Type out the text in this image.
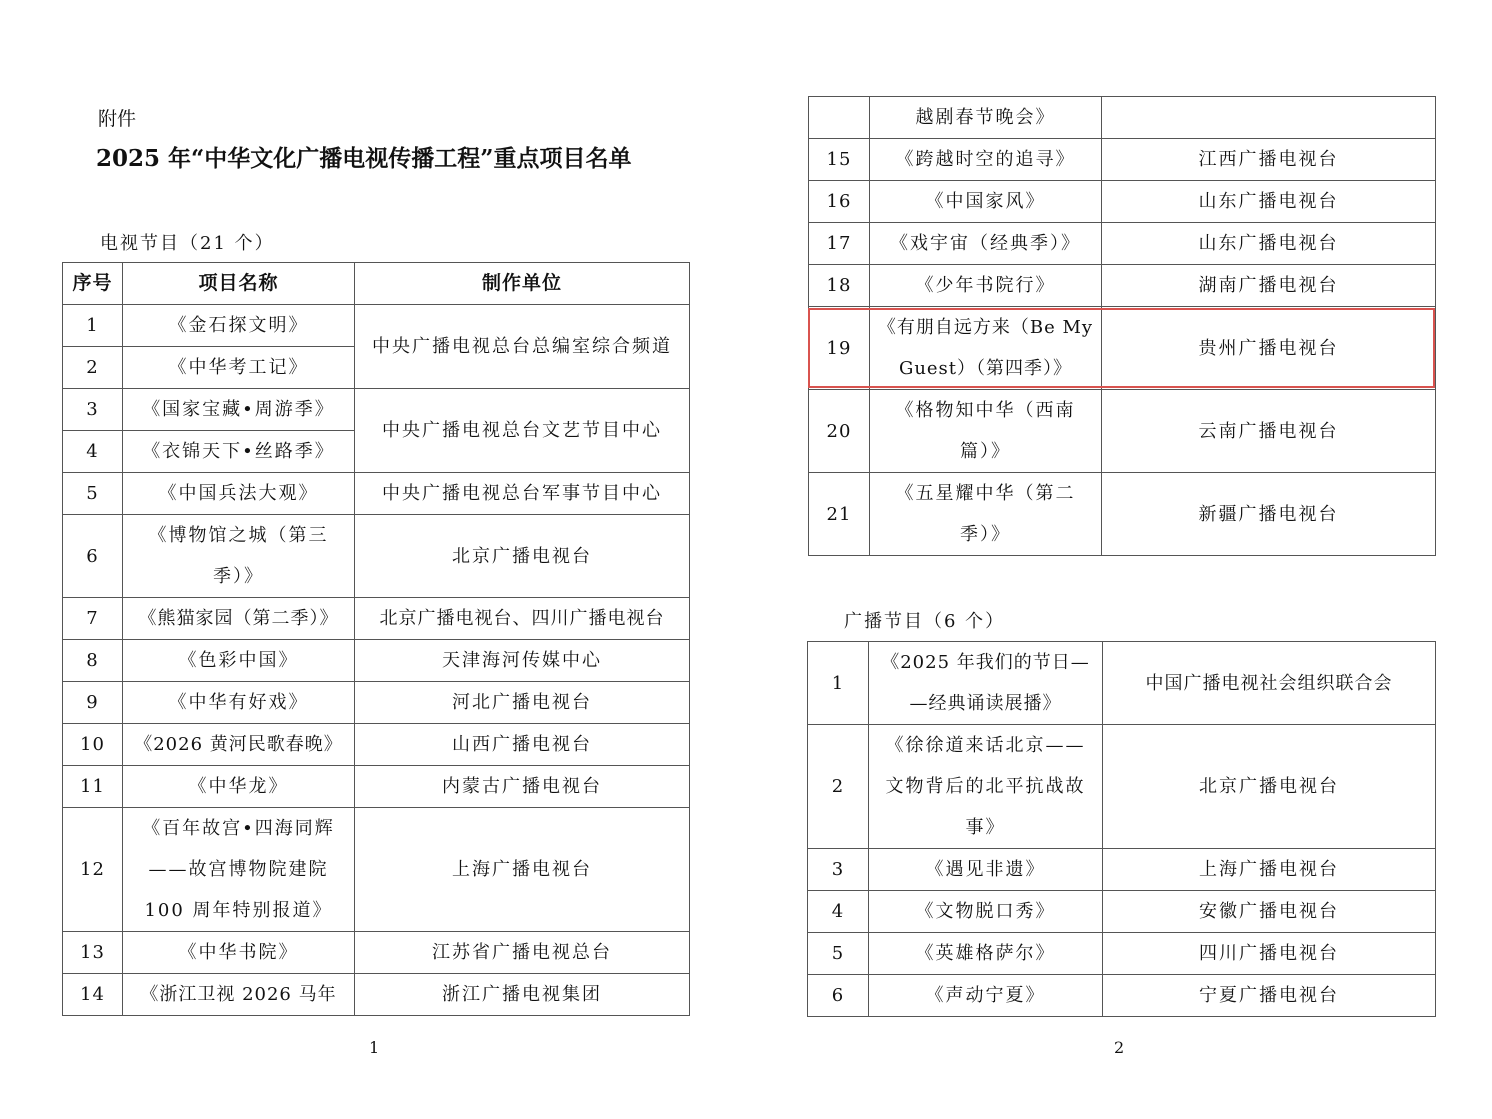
附件
2025 年“中华文化广播电视传播工程”重点项目名单
电视节目（21 个）
序号	项目名称	制作单位
1	《金石探文明》	中央广播电视总台总编室综合频道
2	《中华考工记》	
3	《国家宝藏•周游季》	中央广播电视总台文艺节目中心
4	《衣锦天下•丝路季》	
5	《中国兵法大观》	中央广播电视总台军事节目中心
6	《博物馆之城（第三
季）》	北京广播电视台
7	《熊猫家园（第二季）》	北京广播电视台、四川广播电视台
8	《色彩中国》	天津海河传媒中心
9	《中华有好戏》	河北广播电视台
10	《2026 黄河民歌春晚》	山西广播电视台
11	《中华龙》	内蒙古广播电视台
12	《百年故宫•四海同辉
——故宫博物院建院
100 周年特别报道》	上海广播电视台
13	《中华书院》	江苏省广播电视总台
14	《浙江卫视 2026 马年	浙江广播电视集团
1
	越剧春节晚会》	
15	《跨越时空的追寻》	江西广播电视台
16	《中国家风》	山东广播电视台
17	《戏宇宙（经典季）》	山东广播电视台
18	《少年书院行》	湖南广播电视台
19	《有朋自远方来（Be My
Guest）（第四季）》	贵州广播电视台
20	《格物知中华（西南
篇）》	云南广播电视台
21	《五星耀中华（第二
季）》	新疆广播电视台
广播节目（6 个）
1	《2025 年我们的节日—
—经典诵读展播》	中国广播电视社会组织联合会
2	《徐徐道来话北京——
文物背后的北平抗战故
事》	北京广播电视台
3	《遇见非遗》	上海广播电视台
4	《文物脱口秀》	安徽广播电视台
5	《英雄格萨尔》	四川广播电视台
6	《声动宁夏》	宁夏广播电视台
2
